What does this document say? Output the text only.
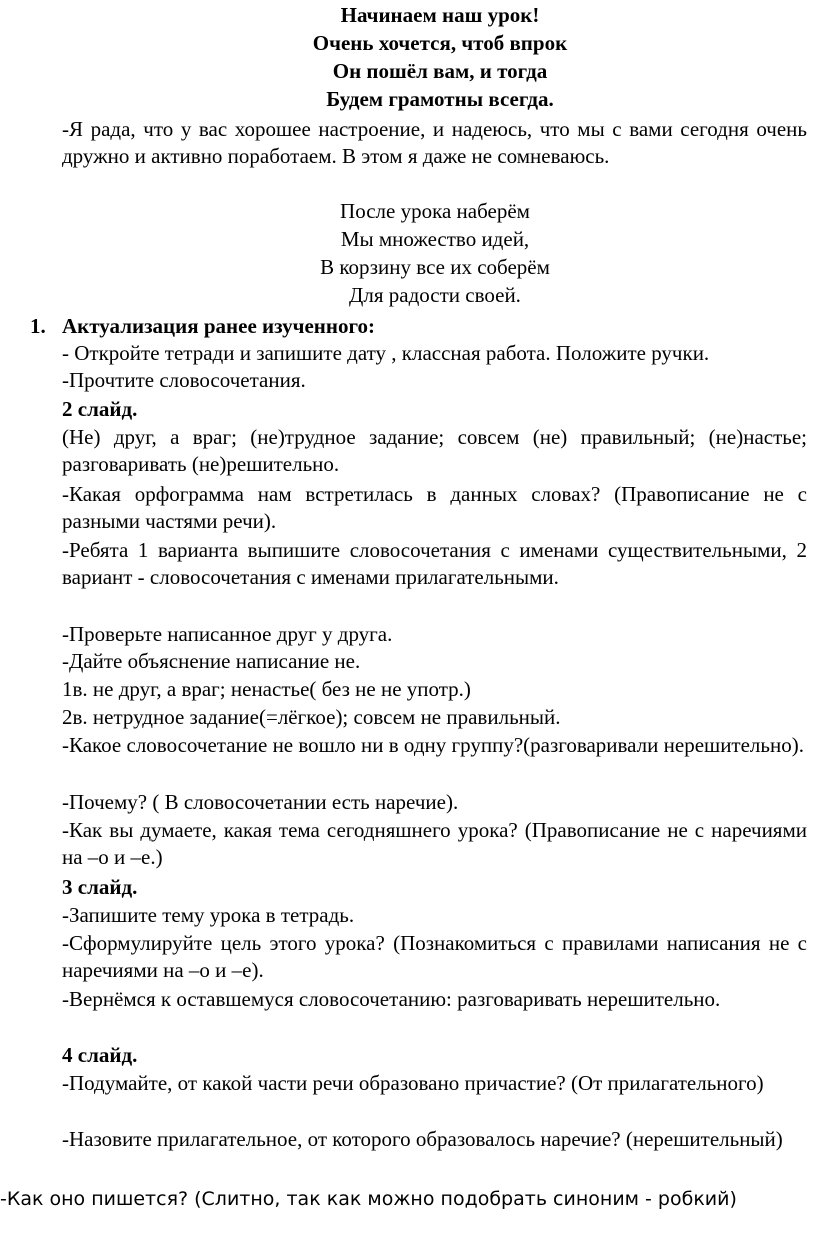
Начинаем наш урок!
Очень хочется, чтоб впрок
Он пошёл вам, и тогда
Будем грамотны всегда.
-Я рада, что у вас хорошее настроение, и надеюсь, что мы с вами сегодня очень дружно и активно поработаем. В этом я даже не сомневаюсь.
После урока наберём
Мы множество идей,
В корзину все их соберём
Для радости своей.
1. Актуализация ранее изученного:
- Откройте тетради и запишите дату , классная работа. Положите ручки.
-Прочтите словосочетания.
2 слайд.
(Не) друг, а враг; (не)трудное задание; совсем (не) правильный; (не)настье; разговаривать (не)решительно.
-Какая орфограмма нам встретилась в данных словах? (Правописание не с разными частями речи).
-Ребята 1 варианта выпишите словосочетания с именами существительными, 2 вариант - словосочетания с именами прилагательными.
-Проверьте написанное друг у друга.
-Дайте объяснение написание не.
1в. не друг, а враг; ненастье( без не не употр.)
2в. нетрудное задание(=лёгкое); совсем не правильный.
-Какое словосочетание не вошло ни в одну группу?(разговаривали нерешительно).
-Почему? ( В словосочетании есть наречие).
-Как вы думаете, какая тема сегодняшнего урока? (Правописание не с наречиями на –о и –е.)
3 слайд.
-Запишите тему урока в тетрадь.
-Сформулируйте цель этого урока? (Познакомиться с правилами написания не с наречиями на –о и –е).
-Вернёмся к оставшемуся словосочетанию: разговаривать нерешительно.
4 слайд.
-Подумайте, от какой части речи образовано причастие? (От прилагательного)
-Назовите прилагательное, от которого образовалось наречие? (нерешительный)
-Как оно пишется? (Слитно, так как можно подобрать синоним - робкий)
